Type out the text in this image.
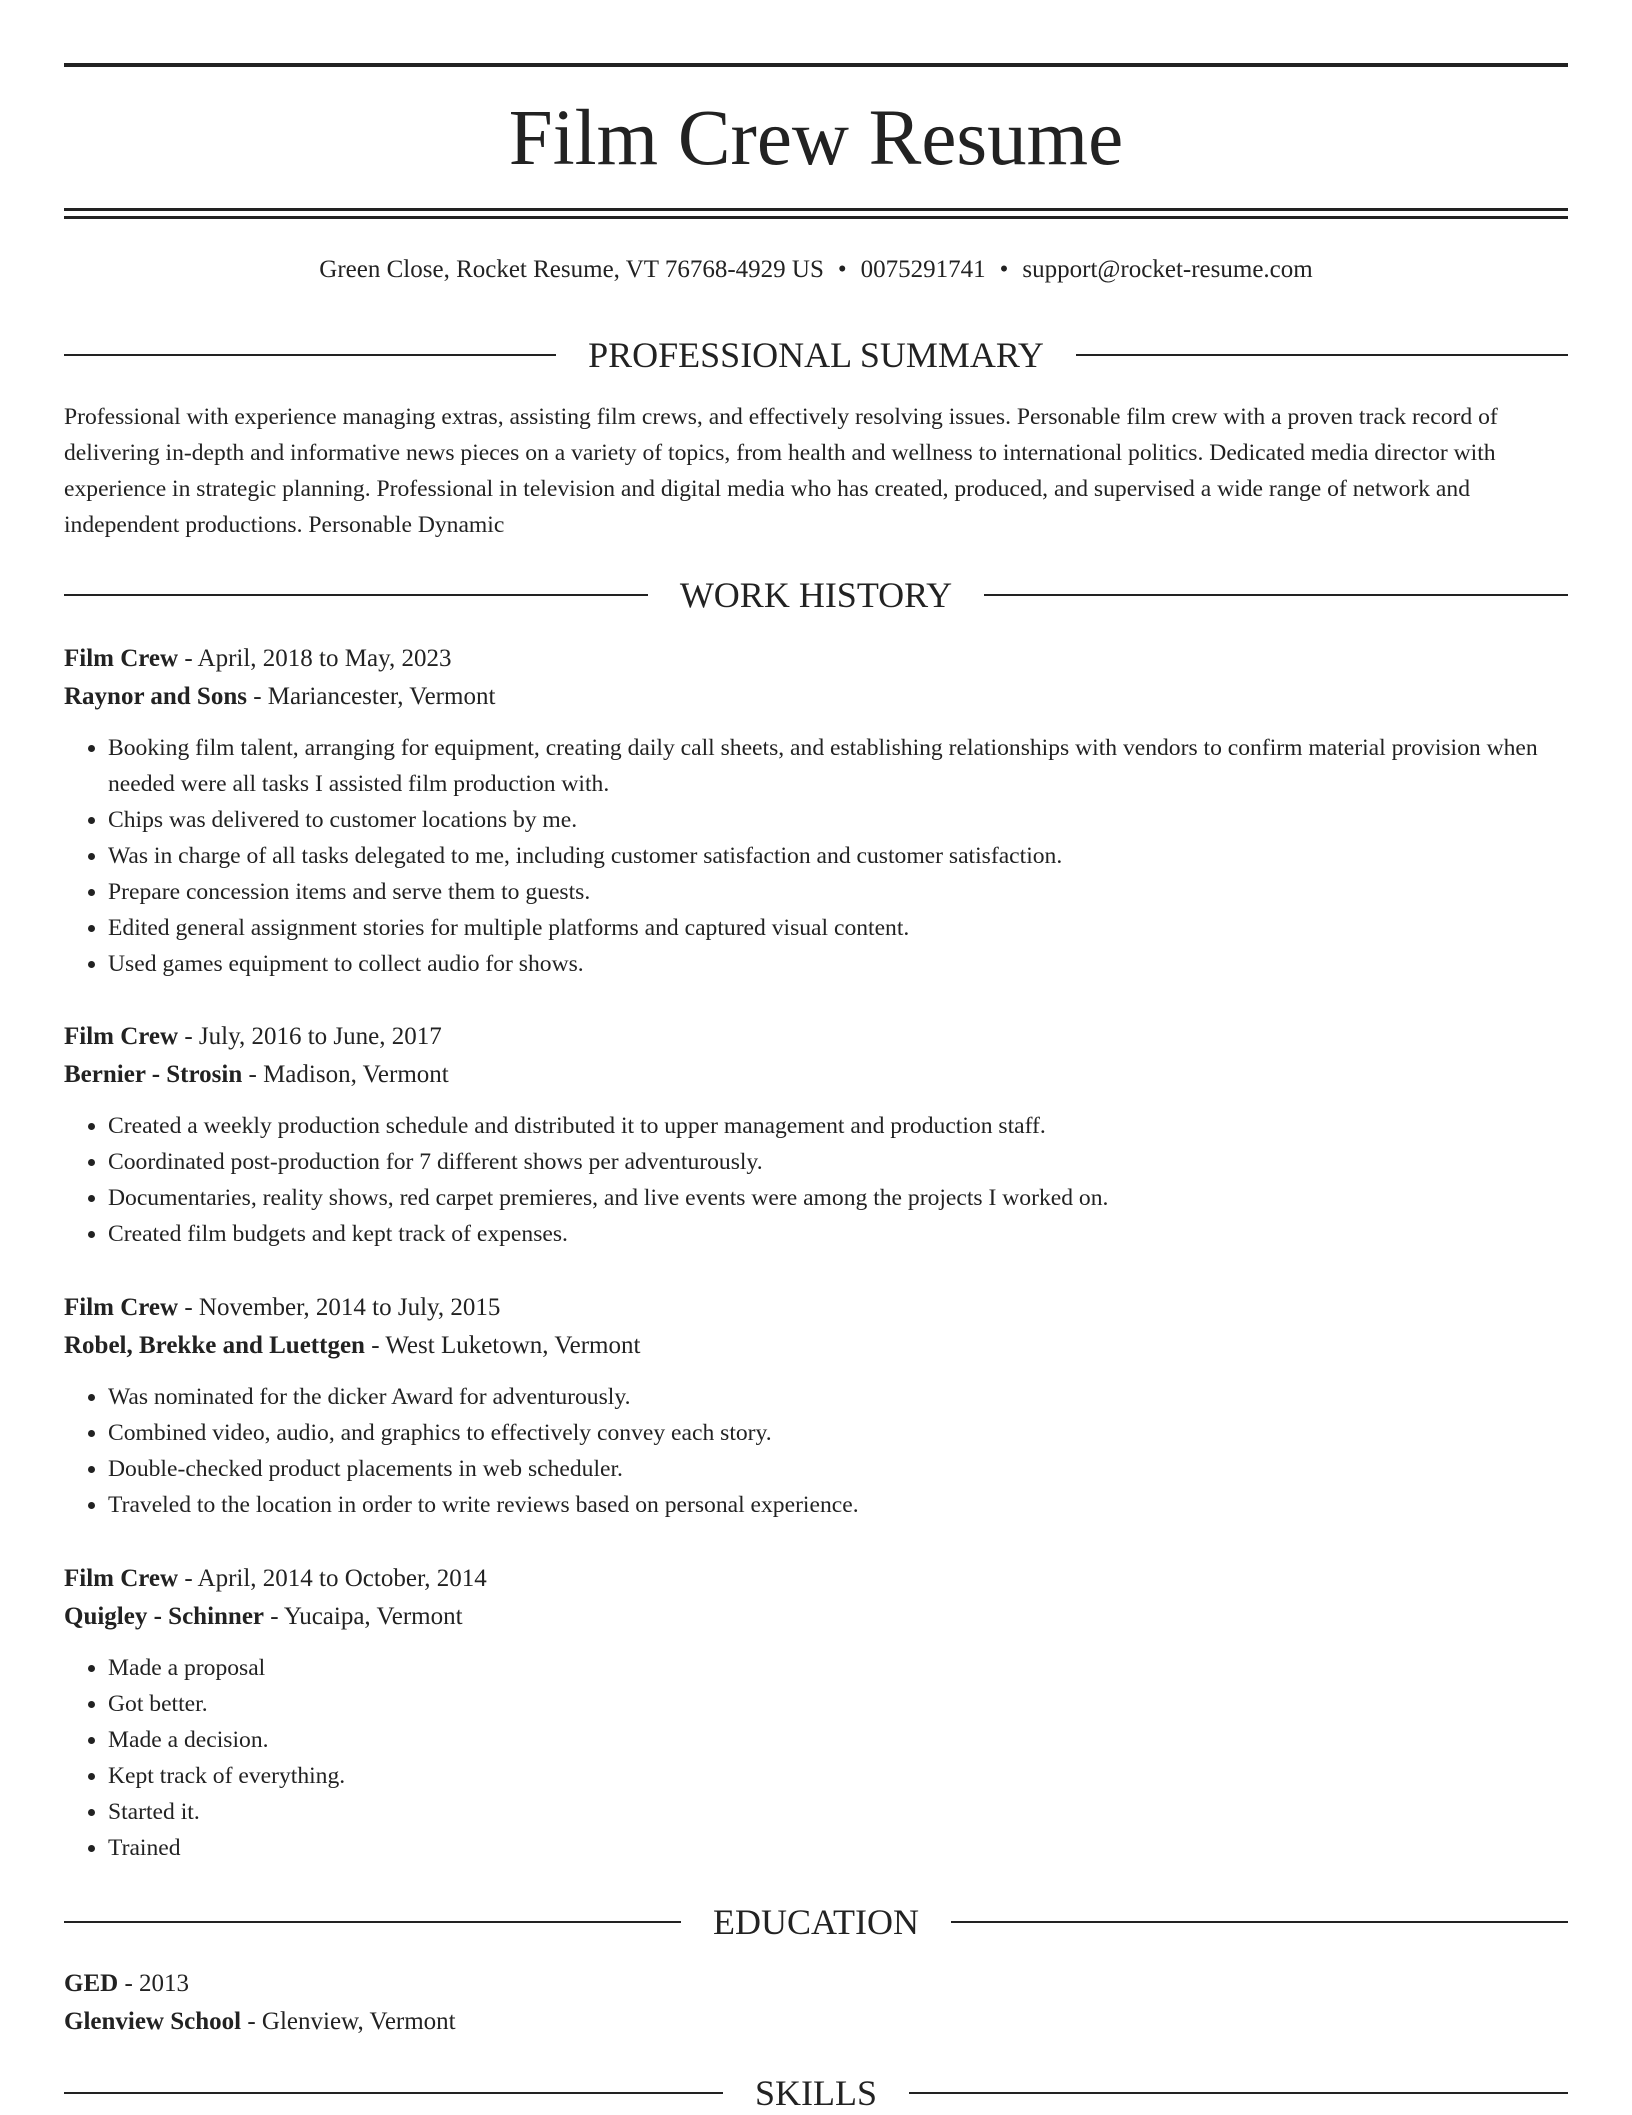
Film Crew Resume
Green Close, Rocket Resume, VT 76768-4929 US • 0075291741 • support@rocket-resume.com
PROFESSIONAL SUMMARY

Professional with experience managing extras, assisting film crews, and effectively resolving issues. Personable film crew with a proven track record of delivering in-depth and informative news pieces on a variety of topics, from health and wellness to international politics. Dedicated media director with experience in strategic planning. Professional in television and digital media who has created, produced, and supervised a wide range of network and independent productions. Personable Dynamic

WORK HISTORY
Film Crew - April, 2018 to May, 2023
Raynor and Sons - Mariancester, Vermont
• Booking film talent, arranging for equipment, creating daily call sheets, and establishing relationships with vendors to confirm material provision when needed were all tasks I assisted film production with.
• Chips was delivered to customer locations by me.
• Was in charge of all tasks delegated to me, including customer satisfaction and customer satisfaction.
• Prepare concession items and serve them to guests.
• Edited general assignment stories for multiple platforms and captured visual content.
• Used games equipment to collect audio for shows.
Film Crew - July, 2016 to June, 2017
Bernier - Strosin - Madison, Vermont
• Created a weekly production schedule and distributed it to upper management and production staff.
• Coordinated post-production for 7 different shows per adventurously.
• Documentaries, reality shows, red carpet premieres, and live events were among the projects I worked on.
• Created film budgets and kept track of expenses.
Film Crew - November, 2014 to July, 2015
Robel, Brekke and Luettgen - West Luketown, Vermont
• Was nominated for the dicker Award for adventurously.
• Combined video, audio, and graphics to effectively convey each story.
• Double-checked product placements in web scheduler.
• Traveled to the location in order to write reviews based on personal experience.
Film Crew - April, 2014 to October, 2014
Quigley - Schinner - Yucaipa, Vermont
• Made a proposal
• Got better.
• Made a decision.
• Kept track of everything.
• Started it.
• Trained
EDUCATION
GED - 2013
Glenview School - Glenview, Vermont
SKILLS
